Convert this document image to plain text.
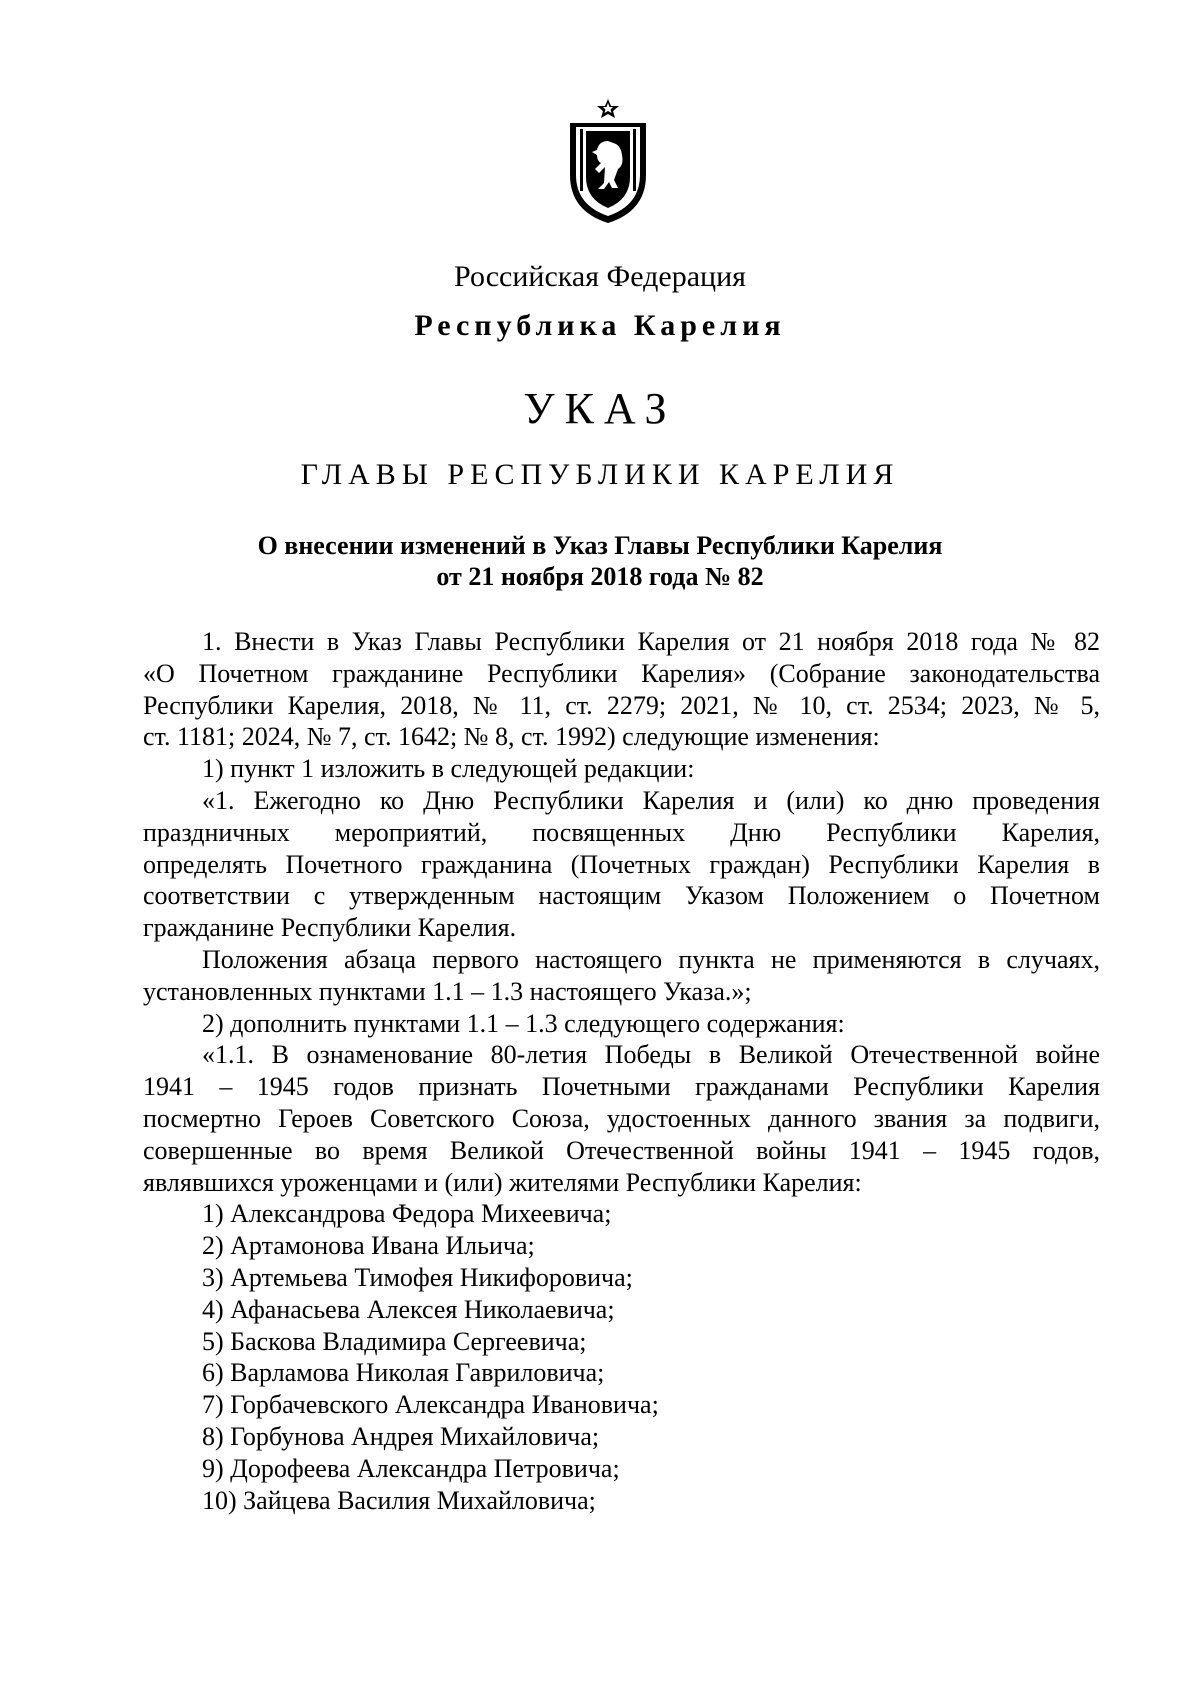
Российская Федерация
Республика Карелия
УКАЗ
ГЛАВЫ РЕСПУБЛИКИ КАРЕЛИЯ
О внесении изменений в Указ Главы Республики Карелия
от 21 ноября 2018 года № 82
1. Внести в Указ Главы Республики Карелия от 21 ноября 2018 года № 82
«О Почетном гражданине Республики Карелия» (Собрание законодательства
Республики Карелия, 2018, № 11, ст. 2279; 2021, № 10, ст. 2534; 2023, № 5,
ст. 1181; 2024, № 7, ст. 1642; № 8, ст. 1992) следующие изменения:
1) пункт 1 изложить в следующей редакции:
«1. Ежегодно ко Дню Республики Карелия и (или) ко дню проведения
праздничных мероприятий, посвященных Дню Республики Карелия,
определять Почетного гражданина (Почетных граждан) Республики Карелия в
соответствии с утвержденным настоящим Указом Положением о Почетном
гражданине Республики Карелия.
Положения абзаца первого настоящего пункта не применяются в случаях,
установленных пунктами 1.1 – 1.3 настоящего Указа.»;
2) дополнить пунктами 1.1 – 1.3 следующего содержания:
«1.1. В ознаменование 80-летия Победы в Великой Отечественной войне
1941 – 1945 годов признать Почетными гражданами Республики Карелия
посмертно Героев Советского Союза, удостоенных данного звания за подвиги,
совершенные во время Великой Отечественной войны 1941 – 1945 годов,
являвшихся уроженцами и (или) жителями Республики Карелия:
1) Александрова Федора Михеевича;
2) Артамонова Ивана Ильича;
3) Артемьева Тимофея Никифоровича;
4) Афанасьева Алексея Николаевича;
5) Баскова Владимира Сергеевича;
6) Варламова Николая Гавриловича;
7) Горбачевского Александра Ивановича;
8) Горбунова Андрея Михайловича;
9) Дорофеева Александра Петровича;
10) Зайцева Василия Михайловича;
